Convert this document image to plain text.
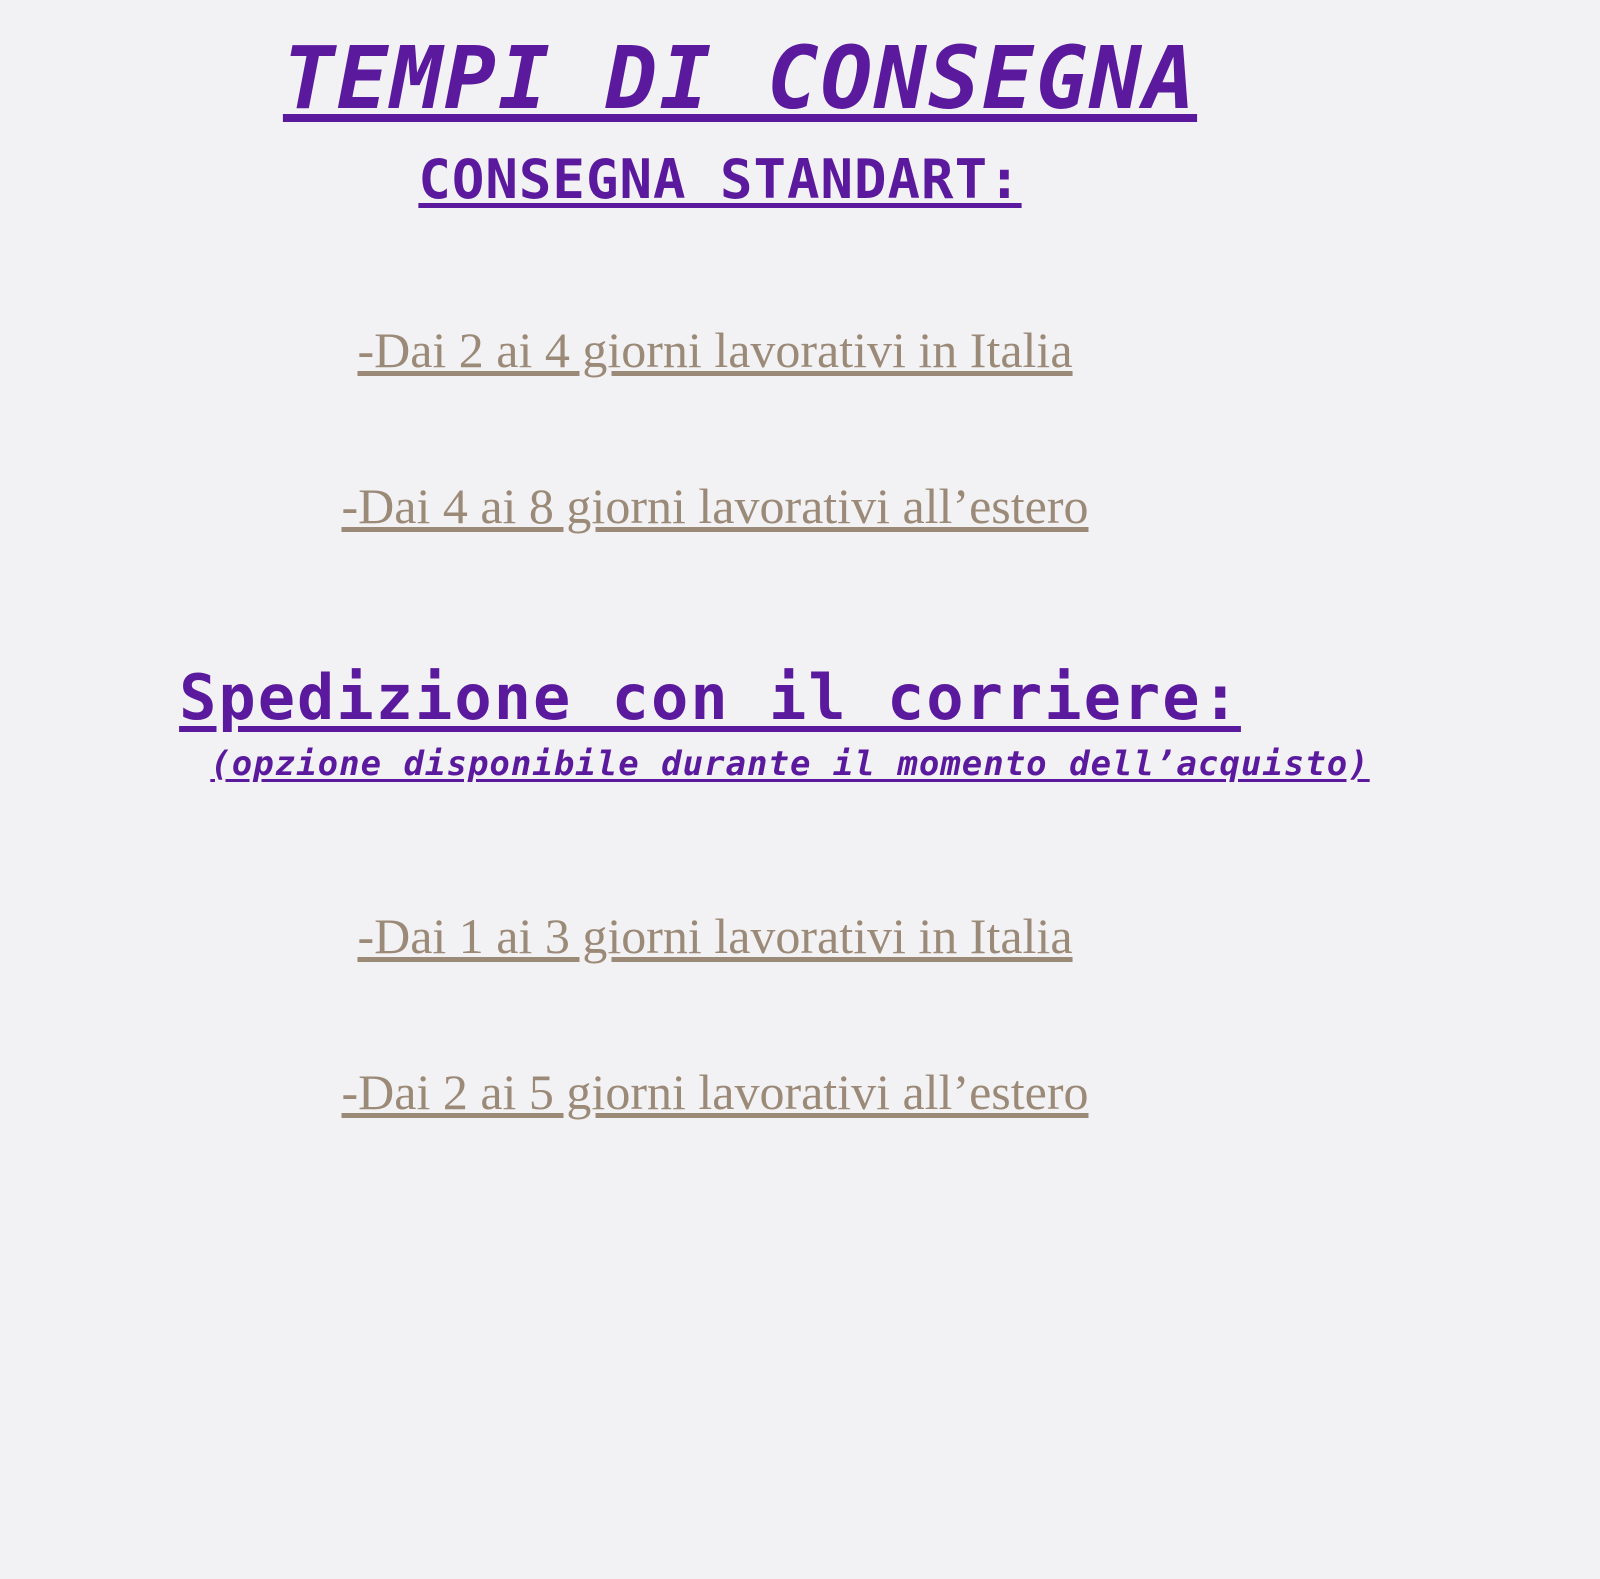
TEMPI DI CONSEGNA
CONSEGNA STANDART:

-Dai 2 ai 4 giorni lavorativi in Italia

-Dai 4 ai 8 giorni lavorativi all’estero

Spedizione con il corriere:

(opzione disponibile durante il momento dell’acquisto)

-Dai 1 ai 3 giorni lavorativi in Italia

-Dai 2 ai 5 giorni lavorativi all’estero
